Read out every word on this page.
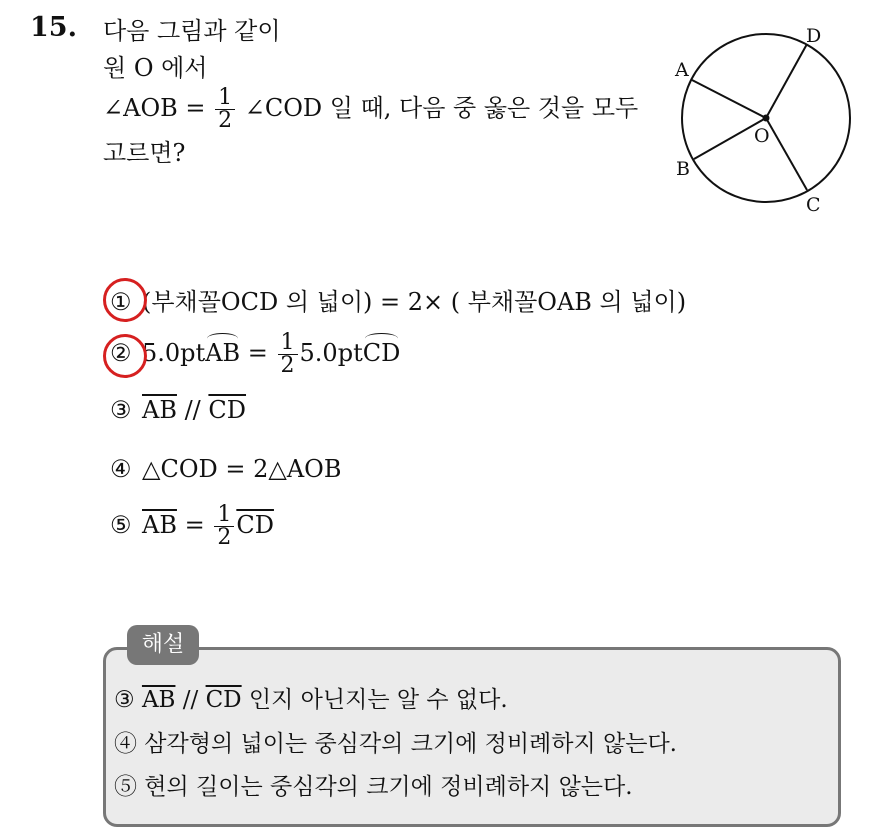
15. 다음 그림과 같이
원 O 에서
∠AOB = $\frac{1}{2}$ ∠COD 일 때, 다음 중 옳은 것을 모두
고르면?
A
B
C
D
O
① (부채꼴OCD 의 넓이) = 2× ( 부채꼴OAB 의 넓이)
② 5.0pt
AB = $\frac{1}{2} 5.0pt$
CD
③ $\overline{AB} // \overline{CD}$
④ △COD = 2△AOB
⑤ $\overline{AB} = \frac{1}{2} \overline{CD}$
해설
③ $\overline{AB} // \overline{CD}$ 인지 아닌지는 알 수 없다.
④ 삼각형의 넓이는 중심각의 크기에 정비례하지 않는다.
⑤ 현의 길이는 중심각의 크기에 정비례하지 않는다.
